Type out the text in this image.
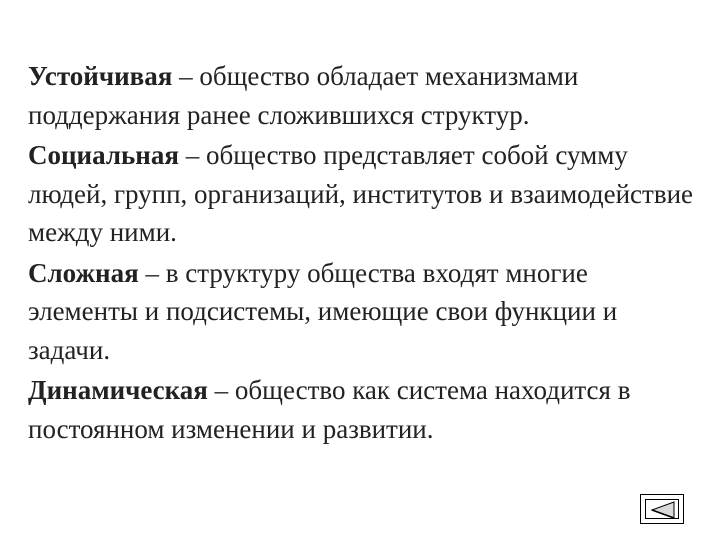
Устойчивая – общество обладает механизмами поддержания ранее сложившихся структур.

Социальная – общество представляет собой сумму людей, групп, организаций, институтов и взаимодействие между ними.

Сложная – в структуру общества входят многие элементы и подсистемы, имеющие свои функции и задачи.

Динамическая – общество как система находится в постоянном изменении и развитии.
